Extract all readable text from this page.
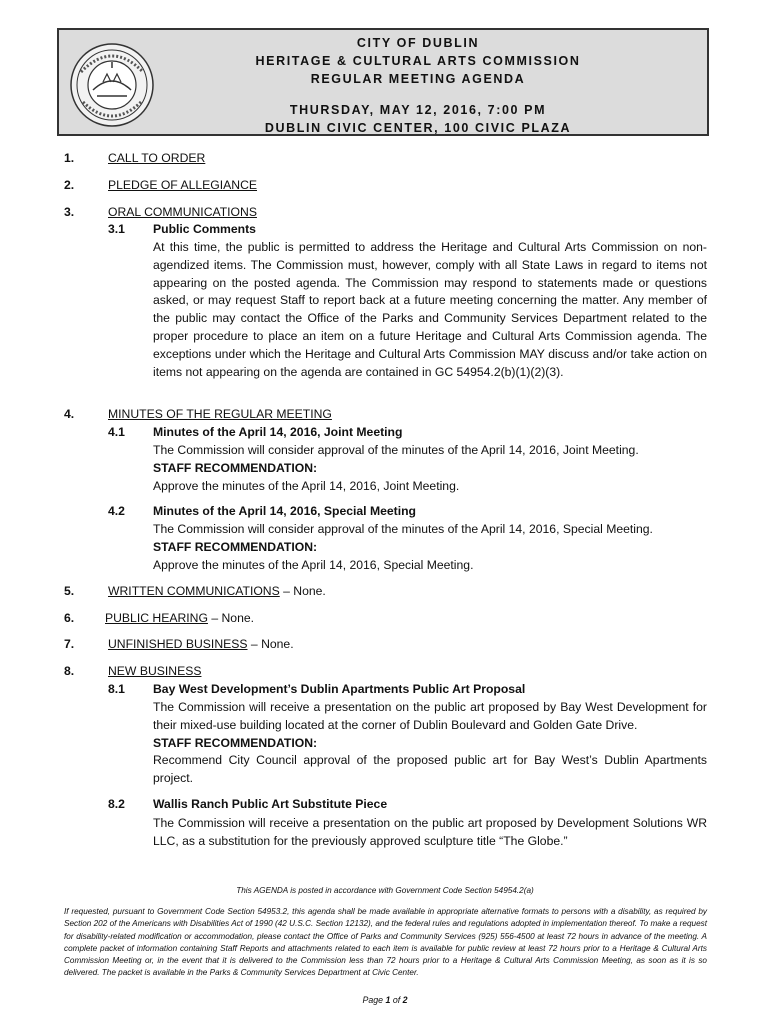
CITY OF DUBLIN
HERITAGE & CULTURAL ARTS COMMISSION
REGULAR MEETING AGENDA
THURSDAY, MAY 12, 2016, 7:00 PM
DUBLIN CIVIC CENTER, 100 CIVIC PLAZA
1.	CALL TO ORDER
2.	PLEDGE OF ALLEGIANCE
3.	ORAL COMMUNICATIONS
3.1 Public Comments
At this time, the public is permitted to address the Heritage and Cultural Arts Commission on non-agendized items. The Commission must, however, comply with all State Laws in regard to items not appearing on the posted agenda. The Commission may respond to statements made or questions asked, or may request Staff to report back at a future meeting concerning the matter. Any member of the public may contact the Office of the Parks and Community Services Department related to the proper procedure to place an item on a future Heritage and Cultural Arts Commission agenda. The exceptions under which the Heritage and Cultural Arts Commission MAY discuss and/or take action on items not appearing on the agenda are contained in GC 54954.2(b)(1)(2)(3).
4.	MINUTES OF THE REGULAR MEETING
4.1 Minutes of the April 14, 2016, Joint Meeting
The Commission will consider approval of the minutes of the April 14, 2016, Joint Meeting.
STAFF RECOMMENDATION:
Approve the minutes of the April 14, 2016, Joint Meeting.
4.2 Minutes of the April 14, 2016, Special Meeting
The Commission will consider approval of the minutes of the April 14, 2016, Special Meeting.
STAFF RECOMMENDATION:
Approve the minutes of the April 14, 2016, Special Meeting.
5.	WRITTEN COMMUNICATIONS – None.
6.	PUBLIC HEARING – None.
7.	UNFINISHED BUSINESS – None.
8.	NEW BUSINESS
8.1 Bay West Development’s Dublin Apartments Public Art Proposal
The Commission will receive a presentation on the public art proposed by Bay West Development for their mixed-use building located at the corner of Dublin Boulevard and Golden Gate Drive.
STAFF RECOMMENDATION:
Recommend City Council approval of the proposed public art for Bay West’s Dublin Apartments project.
8.2 Wallis Ranch Public Art Substitute Piece
The Commission will receive a presentation on the public art proposed by Development Solutions WR LLC, as a substitution for the previously approved sculpture title “The Globe.”
This AGENDA is posted in accordance with Government Code Section 54954.2(a)
If requested, pursuant to Government Code Section 54953.2, this agenda shall be made available in appropriate alternative formats to persons with a disability, as required by Section 202 of the Americans with Disabilities Act of 1990 (42 U.S.C. Section 12132), and the federal rules and regulations adopted in implementation thereof. To make a request for disability-related modification or accommodation, please contact the Office of Parks and Community Services (925) 556-4500 at least 72 hours in advance of the meeting. A complete packet of information containing Staff Reports and attachments related to each item is available for public review at least 72 hours prior to a Heritage & Cultural Arts Commission Meeting or, in the event that it is delivered to the Commission less than 72 hours prior to a Heritage & Cultural Arts Commission Meeting, as soon as it is so delivered. The packet is available in the Parks & Community Services Department at Civic Center.
Page 1 of 2
